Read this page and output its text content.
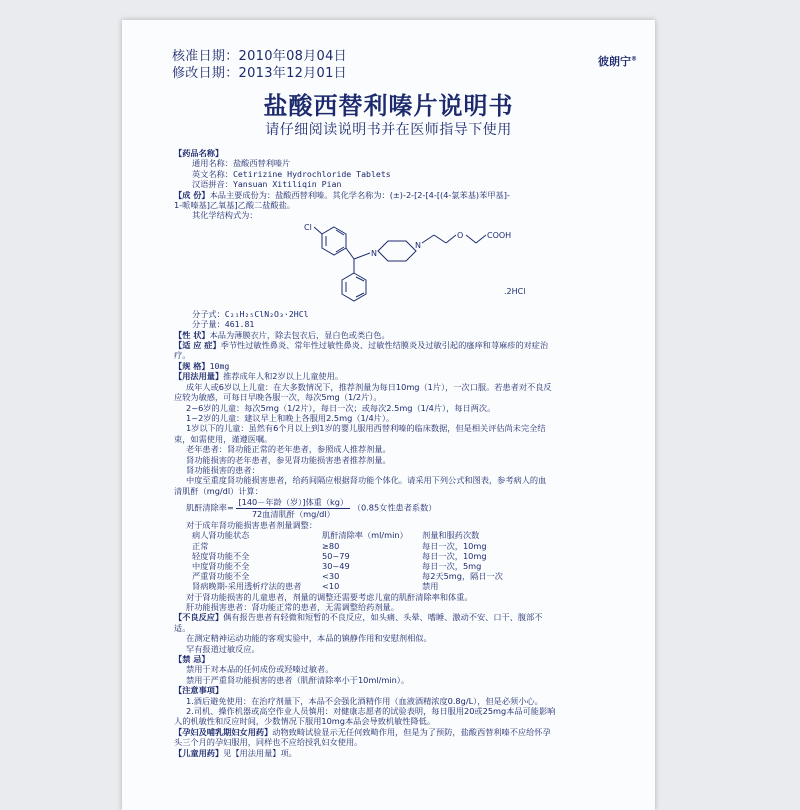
核准日期：2010年08月04日
修改日期：2013年12月01日
彼朗宁®
盐酸西替利嗪片说明书
请仔细阅读说明书并在医师指导下使用

【药品名称】

通用名称：盐酸西替利嗪片

英文名称：Cetirizine Hydrochloride Tablets

汉语拼音：Yansuan Xitiliqin Pian

【成 份】本品主要成份为：盐酸西替利嗪。其化学名称为：(±)-2-[2-[4-[(4-氯苯基)苯甲基]-

1-哌嗪基]乙氧基]乙酸二盐酸盐。

其化学结构式为：

Cl
N
N
O	COOH
.2HCl

分子式：C₂₁H₂₅ClN₂O₃·2HCl

分子量：461.81

【性 状】本品为薄膜衣片，除去包衣后，显白色或类白色。

【适 应 症】季节性过敏性鼻炎、常年性过敏性鼻炎、过敏性结膜炎及过敏引起的瘙痒和荨麻疹的对症治

疗。

【规 格】10mg

【用法用量】推荐成年人和2岁以上儿童使用。

成年人或6岁以上儿童：在大多数情况下，推荐剂量为每日10mg（1片），一次口服。若患者对不良反

应较为敏感，可每日早晚各服一次，每次5mg（1/2片）。

2~6岁的儿童：每次5mg（1/2片），每日一次；或每次2.5mg（1/4片），每日两次。

1~2岁的儿童：建议早上和晚上各服用2.5mg（1/4片）。

1岁以下的儿童：虽然有6个月以上到1岁的婴儿服用西替利嗪的临床数据，但是相关评估尚未完全结

束，如需使用，谨遵医嘱。

老年患者：肾功能正常的老年患者，参照成人推荐剂量。

肾功能损害的老年患者，参见肾功能损害患者推荐剂量。

肾功能损害的患者：

中度至重度肾功能损害患者，给药间隔应根据肾功能个体化。请采用下列公式和图表，参考病人的血

清肌酐（mg/dl）计算：

肌酐清除率= $\frac{\text{[140－年龄（岁）]体重（kg）}}{\text{72血清肌酐（mg/dl）}} (0.85$女性患者系数）

对于成年肾功能损害患者剂量调整：

病人肾功能状态	肌酐清除率（ml/min）	剂量和服药次数
正常	≥80	每日一次，10mg
轻度肾功能不全	50~79	每日一次，10mg
中度肾功能不全	30~49	每日一次，5mg
严重肾功能不全	<30	每2天5mg，隔日一次
肾病晚期-采用透析疗法的患者	<10	禁用

对于肾功能损害的儿童患者，剂量的调整还需要考虑儿童的肌酐清除率和体重。

肝功能损害患者：肾功能正常的患者，无需调整给药剂量。

【不良反应】偶有报告患者有轻微和短暂的不良反应，如头痛、头晕、嗜睡、激动不安、口干、腹部不

适。

在测定精神运动功能的客观实验中，本品的镇静作用和安慰剂相似。

罕有报道过敏反应。

【禁 忌】

禁用于对本品的任何成份或羟嗪过敏者。

禁用于严重肾功能损害的患者（肌酐清除率小于10ml/min）。

【注意事项】

1.酒后避免使用：在治疗剂量下，本品不会强化酒精作用（血液酒精浓度0.8g/L），但是必须小心。

2.司机、操作机器或高空作业人员慎用：对健康志愿者的试验表明，每日服用20或25mg本品可能影响

人的机敏性和反应时间，少数情况下服用10mg本品会导致机敏性降低。

【孕妇及哺乳期妇女用药】动物致畸试验显示无任何致畸作用，但是为了预防，盐酸西替利嗪不应给怀孕

头三个月的孕妇服用，同样也不应给授乳妇女使用。

【儿童用药】见【用法用量】项。
